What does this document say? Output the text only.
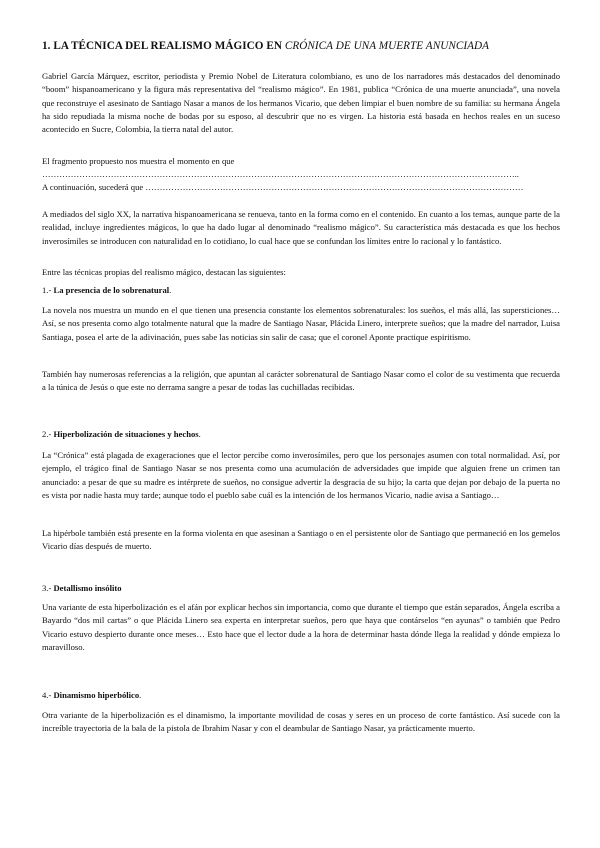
1. LA TÉCNICA DEL REALISMO MÁGICO EN CRÓNICA DE UNA MUERTE ANUNCIADA

Gabriel García Márquez, escritor, periodista y Premio Nobel de Literatura colombiano, es uno de los narradores más destacados del denominado “boom” hispanoamericano y la figura más representativa del “realismo mágico”. En 1981, publica “Crónica de una muerte anunciada”, una novela que reconstruye el asesinato de Santiago Nasar a manos de los hermanos Vicario, que deben limpiar el buen nombre de su familia: su hermana Ángela ha sido repudiada la misma noche de bodas por su esposo, al descubrir que no es virgen. La historia está basada en hechos reales en un suceso acontecido en Sucre, Colombia, la tierra natal del autor.

El fragmento propuesto nos muestra el momento en que
…………………………………………………………………………………………………………………………………………………..
A continuación, sucederá que ……………………………………………………………………………………………………………………

A mediados del siglo XX, la narrativa hispanoamericana se renueva, tanto en la forma como en el contenido. En cuanto a los temas, aunque parte de la realidad, incluye ingredientes mágicos, lo que ha dado lugar al denominado “realismo mágico”. Su característica más destacada es que los hechos inverosímiles se introducen con naturalidad en lo cotidiano, lo cual hace que se confundan los límites entre lo racional y lo fantástico.

Entre las técnicas propias del realismo mágico, destacan las siguientes:

1.- La presencia de lo sobrenatural.

La novela nos muestra un mundo en el que tienen una presencia constante los elementos sobrenaturales: los sueños, el más allá, las supersticiones… Así, se nos presenta como algo totalmente natural que la madre de Santiago Nasar, Plácida Linero, interprete sueños; que la madre del narrador, Luisa Santiaga, posea el arte de la adivinación, pues sabe las noticias sin salir de casa; que el coronel Aponte practique espiritismo.

También hay numerosas referencias a la religión, que apuntan al carácter sobrenatural de Santiago Nasar como el color de su vestimenta que recuerda a la túnica de Jesús o que este no derrama sangre a pesar de todas las cuchilladas recibidas.

2.- Hiperbolización de situaciones y hechos.

La “Crónica” está plagada de exageraciones que el lector percibe como inverosímiles, pero que los personajes asumen con total normalidad. Así, por ejemplo, el trágico final de Santiago Nasar se nos presenta como una acumulación de adversidades que impide que alguien frene un crimen tan anunciado: a pesar de que su madre es intérprete de sueños, no consigue advertir la desgracia de su hijo; la carta que dejan por debajo de la puerta no es vista por nadie hasta muy tarde; aunque todo el pueblo sabe cuál es la intención de los hermanos Vicario, nadie avisa a Santiago…

La hipérbole también está presente en la forma violenta en que asesinan a Santiago o en el persistente olor de Santiago que permaneció en los gemelos Vicario días después de muerto.

3.- Detallismo insólito

Una variante de esta hiperbolización es el afán por explicar hechos sin importancia, como que durante el tiempo que están separados, Ángela escriba a Bayardo “dos mil cartas” o que Plácida Linero sea experta en interpretar sueños, pero que haya que contárselos “en ayunas” o también que Pedro Vicario estuvo despierto durante once meses… Esto hace que el lector dude a la hora de determinar hasta dónde llega la realidad y dónde empieza lo maravilloso.

4.- Dinamismo hiperbólico.

Otra variante de la hiperbolización es el dinamismo, la importante movilidad de cosas y seres en un proceso de corte fantástico. Así sucede con la increíble trayectoria de la bala de la pistola de Ibrahim Nasar y con el deambular de Santiago Nasar, ya prácticamente muerto.
